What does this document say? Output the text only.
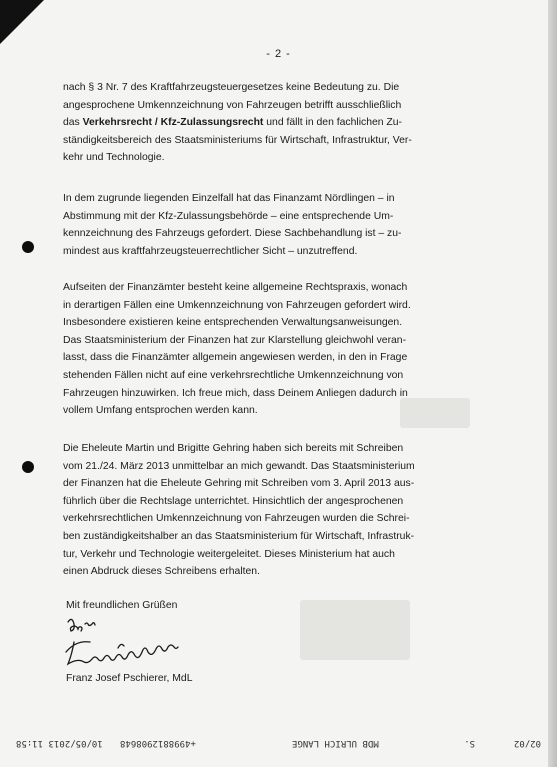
- 2 -
nach § 3 Nr. 7 des Kraftfahrzeugsteuergesetzes keine Bedeutung zu. Die
angesprochene Umkennzeichnung von Fahrzeugen betrifft ausschließlich
das Verkehrsrecht / Kfz-Zulassungsrecht und fällt in den fachlichen Zu-
ständigkeitsbereich des Staatsministeriums für Wirtschaft, Infrastruktur, Ver-
kehr und Technologie.
In dem zugrunde liegenden Einzelfall hat das Finanzamt Nördlingen – in
Abstimmung mit der Kfz-Zulassungsbehörde – eine entsprechende Um-
kennzeichnung des Fahrzeugs gefordert. Diese Sachbehandlung ist – zu-
mindest aus kraftfahrzeugsteuerrechtlicher Sicht – unzutreffend.
Aufseiten der Finanzämter besteht keine allgemeine Rechtspraxis, wonach
in derartigen Fällen eine Umkennzeichnung von Fahrzeugen gefordert wird.
Insbesondere existieren keine entsprechenden Verwaltungsanweisungen.
Das Staatsministerium der Finanzen hat zur Klarstellung gleichwohl veran-
lasst, dass die Finanzämter allgemein angewiesen werden, in den in Frage
stehenden Fällen nicht auf eine verkehrsrechtliche Umkennzeichnung von
Fahrzeugen hinzuwirken. Ich freue mich, dass Deinem Anliegen dadurch in
vollem Umfang entsprochen werden kann.
Die Eheleute Martin und Brigitte Gehring haben sich bereits mit Schreiben
vom 21./24. März 2013 unmittelbar an mich gewandt. Das Staatsministerium
der Finanzen hat die Eheleute Gehring mit Schreiben vom 3. April 2013 aus-
führlich über die Rechtslage unterrichtet. Hinsichtlich der angesprochenen
verkehrsrechtlichen Umkennzeichnung von Fahrzeugen wurden die Schrei-
ben zuständigkeitshalber an das Staatsministerium für Wirtschaft, Infrastruk-
tur, Verkehr und Technologie weitergeleitet. Dieses Ministerium hat auch
einen Abdruck dieses Schreibens erhalten.
Mit freundlichen Grüßen
Franz Josef Pschierer, MdL
10/05/2013 11:58 +4998812908648	MDB ULRICH LANGE	S.	02/02
